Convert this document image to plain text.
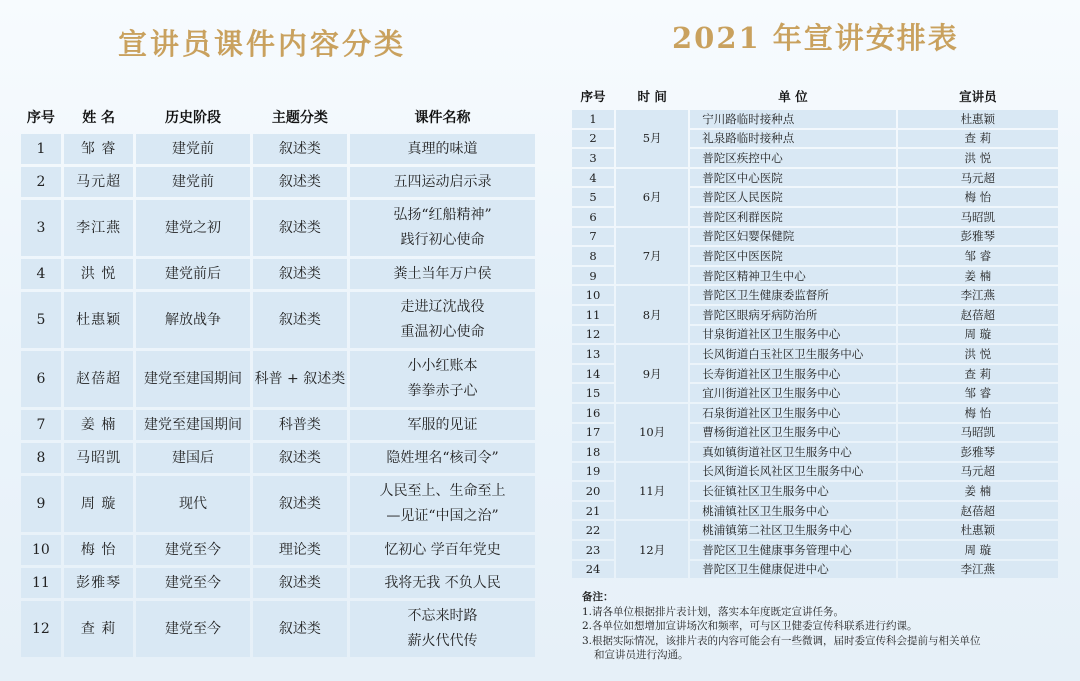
宣讲员课件内容分类	2021 年宣讲安排表
序号	姓 名	历史阶段	主题分类	课件名称
1	邹 睿	建党前	叙述类	真理的味道

2	马元超	建党前	叙述类	五四运动启示录

3	李江燕	建党之初	叙述类	弘扬“红船精神”
践行初心使命

4	洪 悦	建党前后	叙述类	粪土当年万户侯

5	杜惠颖	解放战争	叙述类	走进辽沈战役
重温初心使命

6	赵蓓超	建党至建国期间	科普 + 叙述类	小小红账本
拳拳赤子心

7	姜 楠	建党至建国期间	科普类	军服的见证

8	马昭凯	建国后	叙述类	隐姓埋名“核司令”

9	周 璇	现代	叙述类	人民至上、生命至上
—见证“中国之治”

10	梅 怡	建党至今	理论类	忆初心 学百年党史

11	彭雅琴	建党至今	叙述类	我将无我 不负人民

12	查 莉	建党至今	叙述类	不忘来时路
薪火代代传
序号	时 间	单 位	宣讲员
1	5月	宁川路临时接种点	杜惠颖
2		礼泉路临时接种点	查 莉
3		普陀区疾控中心	洪 悦
4	6月	普陀区中心医院	马元超
5		普陀区人民医院	梅 怡
6		普陀区利群医院	马昭凯
7	7月	普陀区妇婴保健院	彭雅琴
8		普陀区中医医院	邹 睿
9		普陀区精神卫生中心	姜 楠
10	8月	普陀区卫生健康委监督所	李江燕
11		普陀区眼病牙病防治所	赵蓓超
12		甘泉街道社区卫生服务中心	周 璇
13	9月	长风街道白玉社区卫生服务中心	洪 悦
14		长寿街道社区卫生服务中心	查 莉
15		宜川街道社区卫生服务中心	邹 睿
16	10月	石泉街道社区卫生服务中心	梅 怡
17		曹杨街道社区卫生服务中心	马昭凯
18		真如镇街道社区卫生服务中心	彭雅琴
19	11月	长风街道长风社区卫生服务中心	马元超
20		长征镇社区卫生服务中心	姜 楠
21		桃浦镇社区卫生服务中心	赵蓓超
22	12月	桃浦镇第二社区卫生服务中心	杜惠颖
23		普陀区卫生健康事务管理中心	周 璇
24		普陀区卫生健康促进中心	李江燕
备注：
1.请各单位根据排片表计划，落实本年度既定宣讲任务。
2.各单位如想增加宣讲场次和频率，可与区卫健委宣传科联系进行约课。
3.根据实际情况，该排片表的内容可能会有一些微调，届时委宣传科会提前与相关单位
和宣讲员进行沟通。
